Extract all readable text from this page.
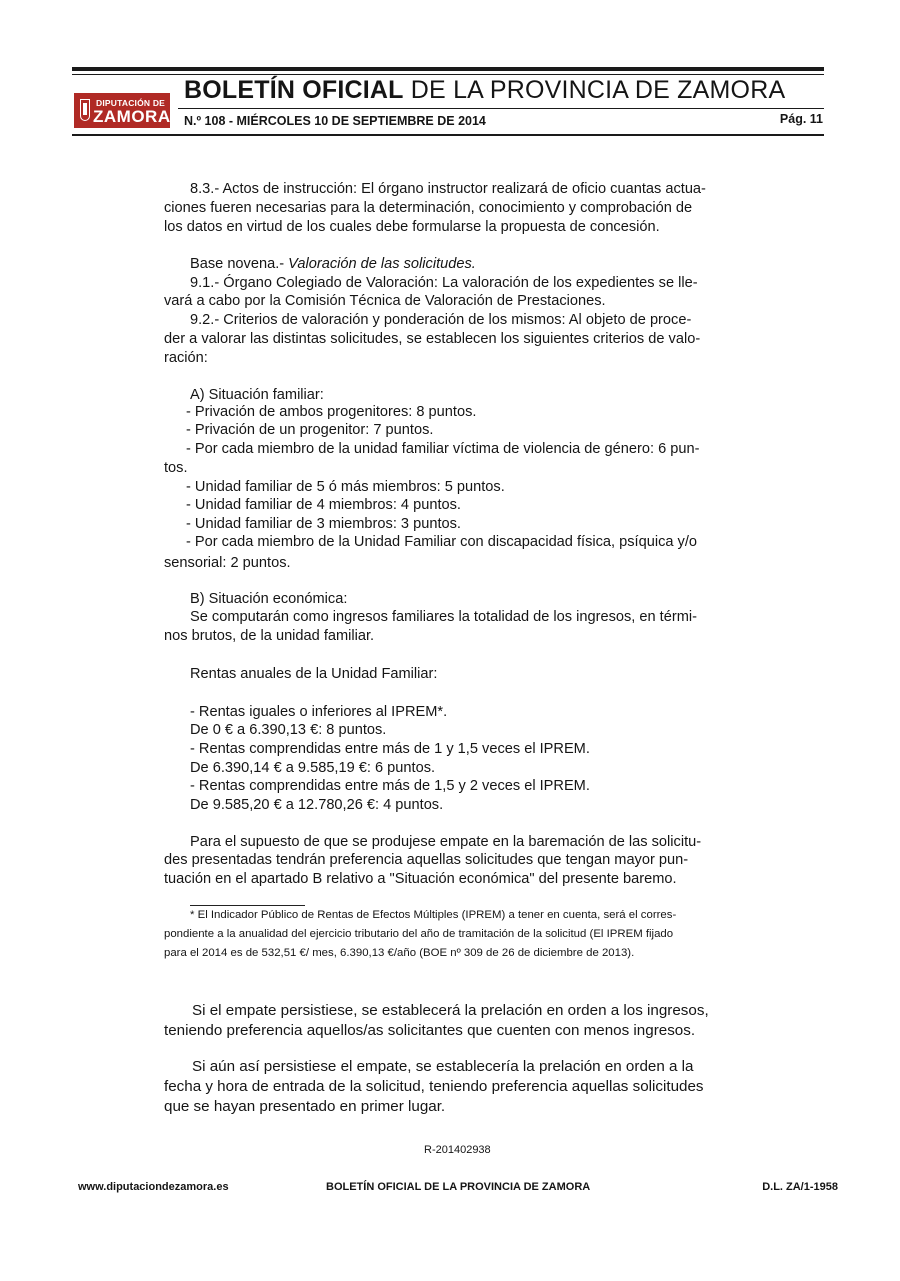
DIPUTACIÓN DE
ZAMORA
BOLETÍN OFICIAL DE LA PROVINCIA DE ZAMORA
N.º 108 - MIÉRCOLES 10 DE SEPTIEMBRE DE 2014	Pág. 11
8.3.- Actos de instrucción: El órgano instructor realizará de oficio cuantas actua-
ciones fueren necesarias para la determinación, conocimiento y comprobación de
los datos en virtud de los cuales debe formularse la propuesta de concesión.
Base novena.- Valoración de las solicitudes.
9.1.- Órgano Colegiado de Valoración: La valoración de los expedientes se lle-
vará a cabo por la Comisión Técnica de Valoración de Prestaciones.
9.2.- Criterios de valoración y ponderación de los mismos: Al objeto de proce-
der a valorar las distintas solicitudes, se establecen los siguientes criterios de valo-
ración:
A) Situación familiar:
- Privación de ambos progenitores: 8 puntos.
- Privación de un progenitor: 7 puntos.
- Por cada miembro de la unidad familiar víctima de violencia de género: 6 pun-
tos.
- Unidad familiar de 5 ó más miembros: 5 puntos.
- Unidad familiar de 4 miembros: 4 puntos.
- Unidad familiar de 3 miembros: 3 puntos.
- Por cada miembro de la Unidad Familiar con discapacidad física, psíquica y/o
sensorial: 2 puntos.
B) Situación económica:
Se computarán como ingresos familiares la totalidad de los ingresos, en térmi-
nos brutos, de la unidad familiar.
Rentas anuales de la Unidad Familiar:
- Rentas iguales o inferiores al IPREM*.
De 0 € a 6.390,13 €: 8 puntos.
- Rentas comprendidas entre más de 1 y 1,5 veces el IPREM.
De 6.390,14 € a 9.585,19 €: 6 puntos.
- Rentas comprendidas entre más de 1,5 y 2 veces el IPREM.
De 9.585,20 € a 12.780,26 €: 4 puntos.
Para el supuesto de que se produjese empate en la baremación de las solicitu-
des presentadas tendrán preferencia aquellas solicitudes que tengan mayor pun-
tuación en el apartado B relativo a "Situación económica" del presente baremo.
* El Indicador Público de Rentas de Efectos Múltiples (IPREM) a tener en cuenta, será el corres-
pondiente a la anualidad del ejercicio tributario del año de tramitación de la solicitud (El IPREM fijado
para el 2014 es de 532,51 €/ mes, 6.390,13 €/año (BOE nº 309 de 26 de diciembre de 2013).
Si el empate persistiese, se establecerá la prelación en orden a los ingresos,
teniendo preferencia aquellos/as solicitantes que cuenten con menos ingresos.
Si aún así persistiese el empate, se establecería la prelación en orden a la
fecha y hora de entrada de la solicitud, teniendo preferencia aquellas solicitudes
que se hayan presentado en primer lugar.
R-201402938
www.diputaciondezamora.es	BOLETÍN OFICIAL DE LA PROVINCIA DE ZAMORA	D.L. ZA/1-1958
